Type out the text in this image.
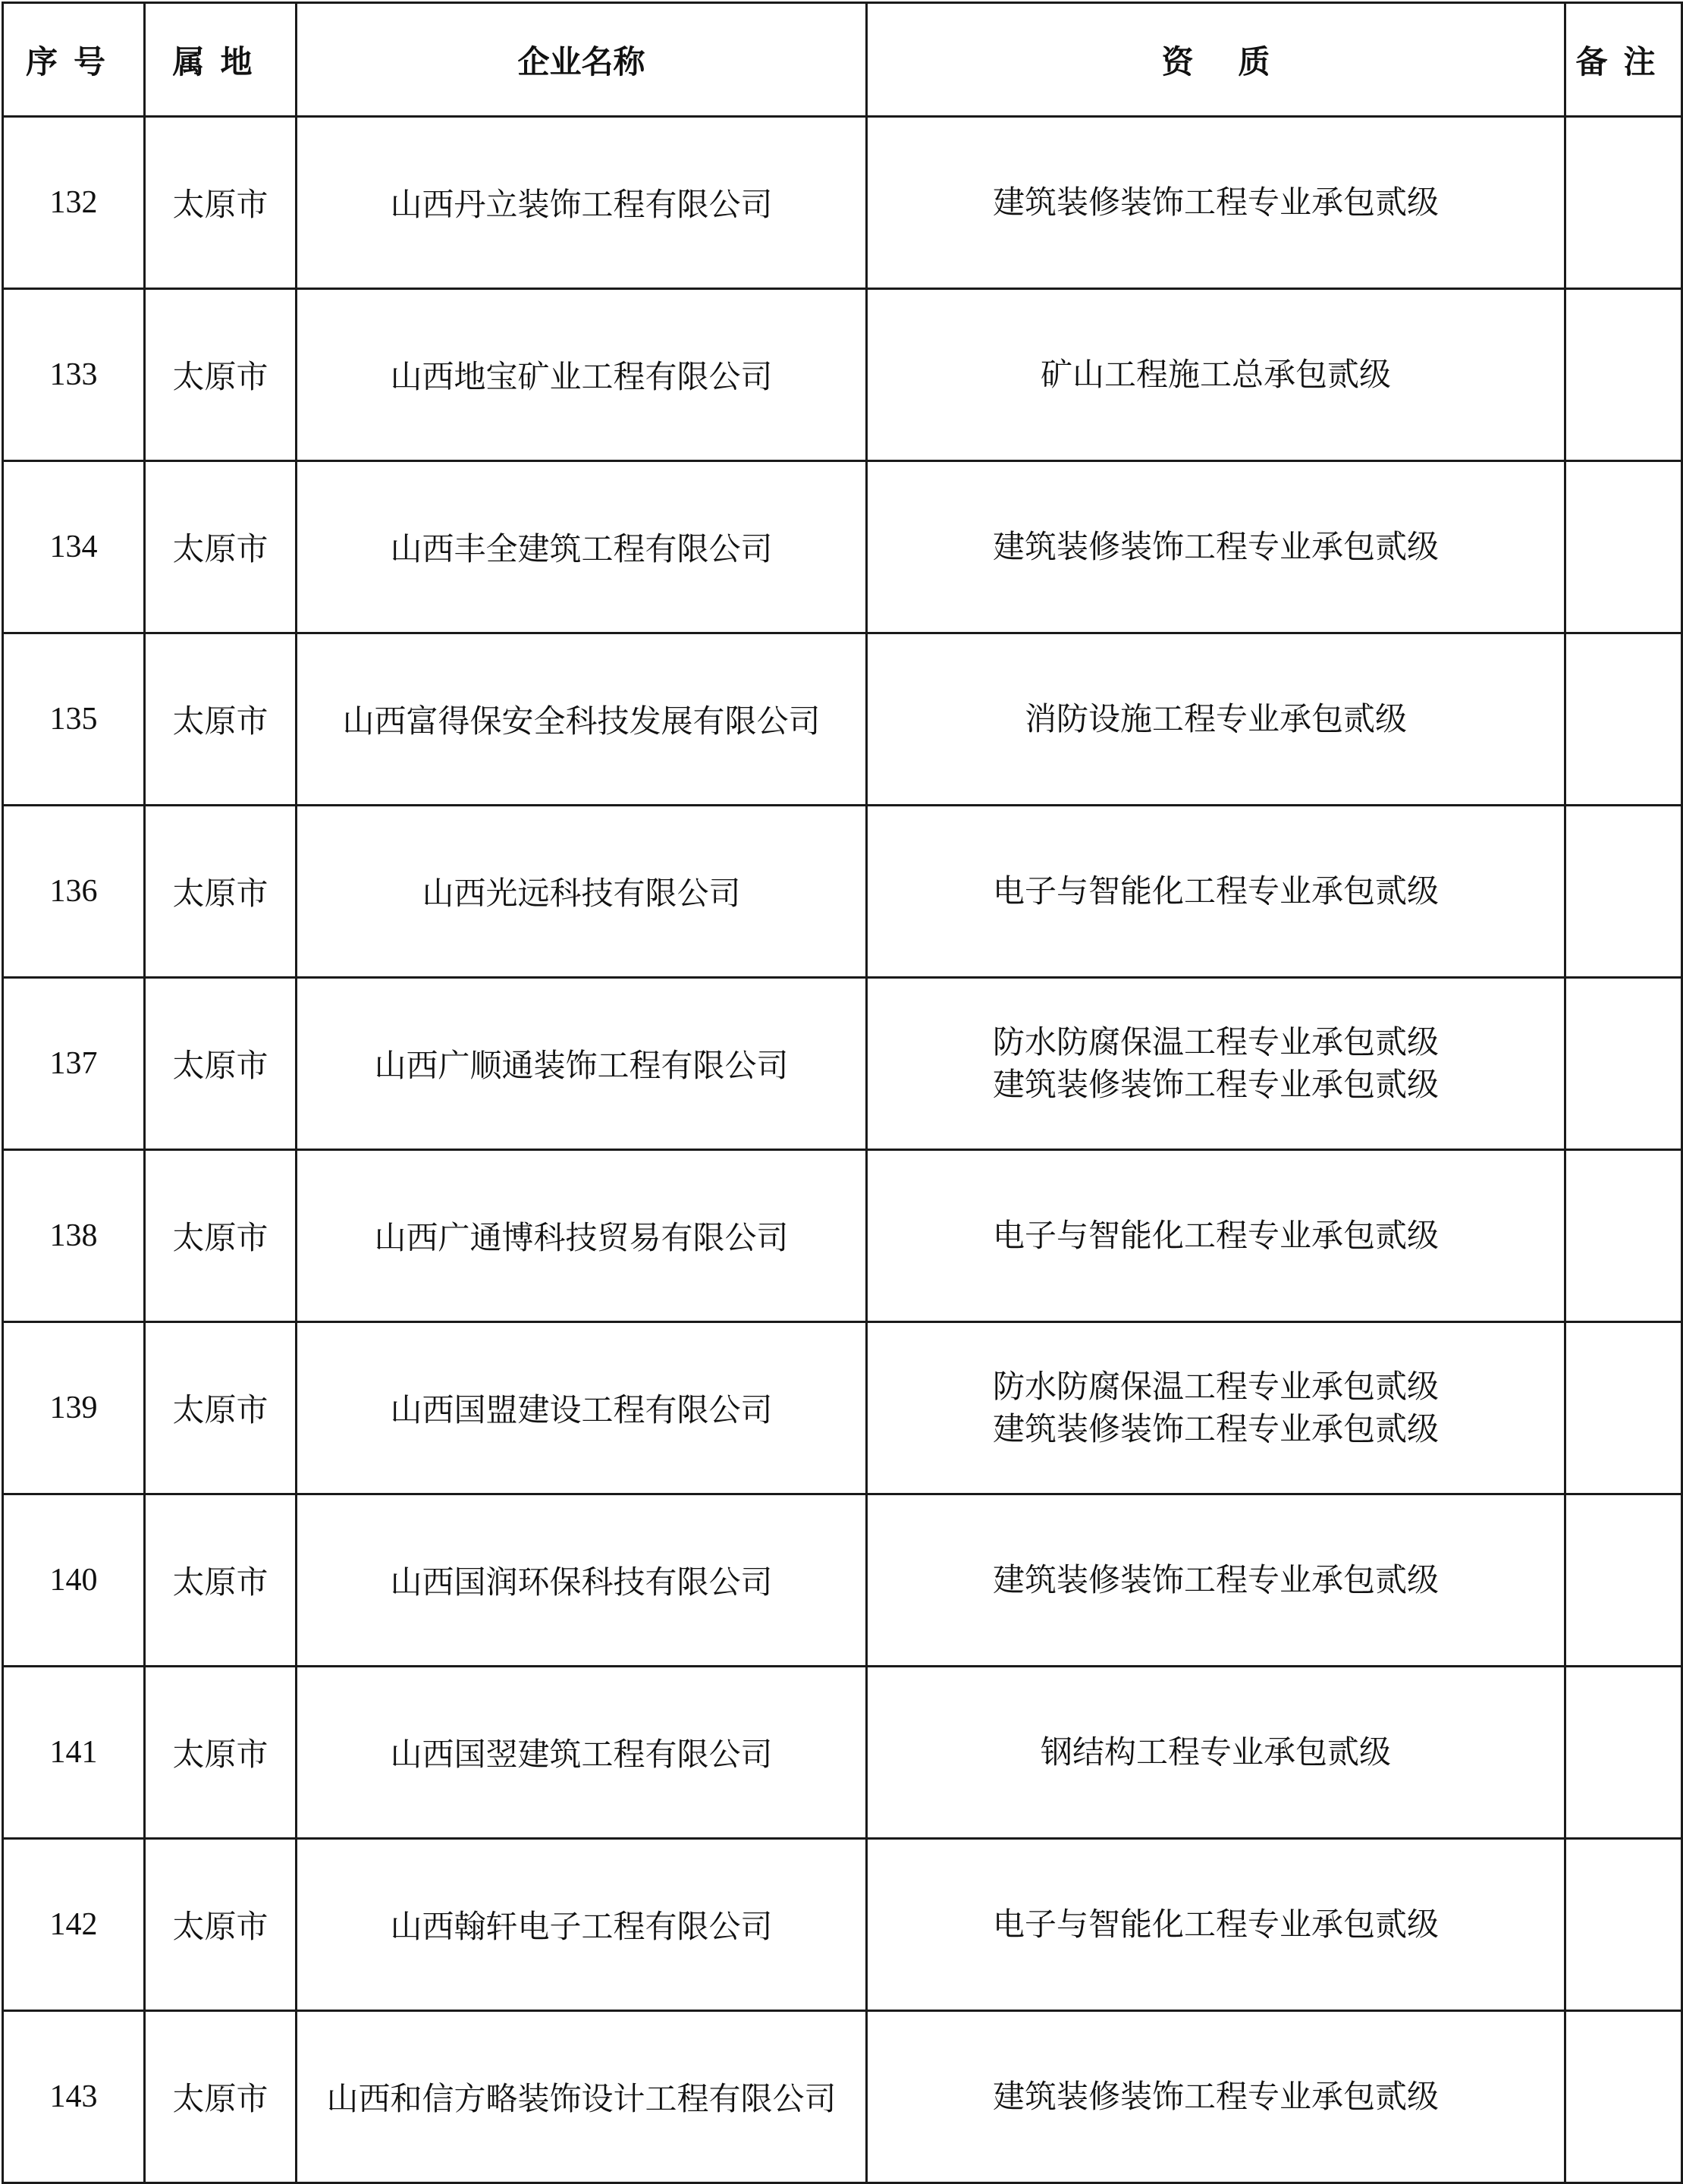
序号	属地	企业名称	资质	备注
132	太原市	山西丹立装饰工程有限公司	建筑装修装饰工程专业承包贰级	

133	太原市	山西地宝矿业工程有限公司	矿山工程施工总承包贰级	

134	太原市	山西丰全建筑工程有限公司	建筑装修装饰工程专业承包贰级	

135	太原市	山西富得保安全科技发展有限公司	消防设施工程专业承包贰级	

136	太原市	山西光远科技有限公司	电子与智能化工程专业承包贰级	

137	太原市	山西广顺通装饰工程有限公司	防水防腐保温工程专业承包贰级
建筑装修装饰工程专业承包贰级	

138	太原市	山西广通博科技贸易有限公司	电子与智能化工程专业承包贰级	

139	太原市	山西国盟建设工程有限公司	防水防腐保温工程专业承包贰级
建筑装修装饰工程专业承包贰级	

140	太原市	山西国润环保科技有限公司	建筑装修装饰工程专业承包贰级	

141	太原市	山西国翌建筑工程有限公司	钢结构工程专业承包贰级	

142	太原市	山西翰轩电子工程有限公司	电子与智能化工程专业承包贰级	

143	太原市	山西和信方略装饰设计工程有限公司	建筑装修装饰工程专业承包贰级	
